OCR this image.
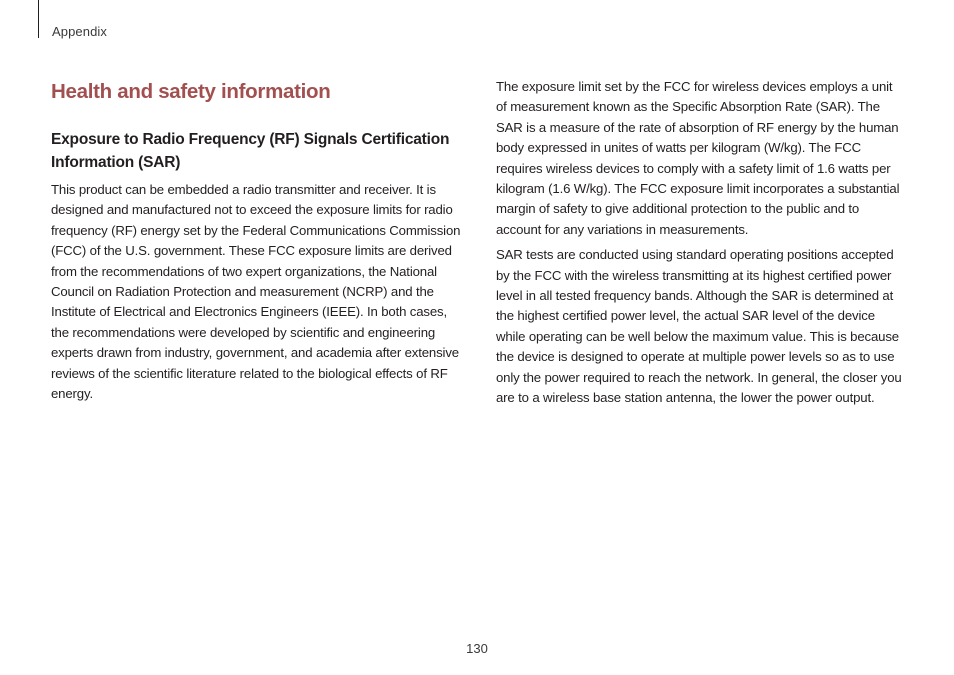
Appendix
Health and safety information
Exposure to Radio Frequency (RF) Signals Certification Information (SAR)

This product can be embedded a radio transmitter and receiver. It is designed and manufactured not to exceed the exposure limits for radio frequency (RF) energy set by the Federal Communications Commission (FCC) of the U.S. government. These FCC exposure limits are derived from the recommendations of two expert organizations, the National Council on Radiation Protection and measurement (NCRP) and the Institute of Electrical and Electronics Engineers (IEEE). In both cases, the recommendations were developed by scientific and engineering experts drawn from industry, government, and academia after extensive reviews of the scientific literature related to the biological effects of RF energy.

The exposure limit set by the FCC for wireless devices employs a unit of measurement known as the Specific Absorption Rate (SAR). The SAR is a measure of the rate of absorption of RF energy by the human body expressed in unites of watts per kilogram (W/kg). The FCC requires wireless devices to comply with a safety limit of 1.6 watts per kilogram (1.6 W/kg). The FCC exposure limit incorporates a substantial margin of safety to give additional protection to the public and to account for any variations in measurements.

SAR tests are conducted using standard operating positions accepted by the FCC with the wireless transmitting at its highest certified power level in all tested frequency bands. Although the SAR is determined at the highest certified power level, the actual SAR level of the device while operating can be well below the maximum value. This is because the device is designed to operate at multiple power levels so as to use only the power required to reach the network. In general, the closer you are to a wireless base station antenna, the lower the power output.

130
